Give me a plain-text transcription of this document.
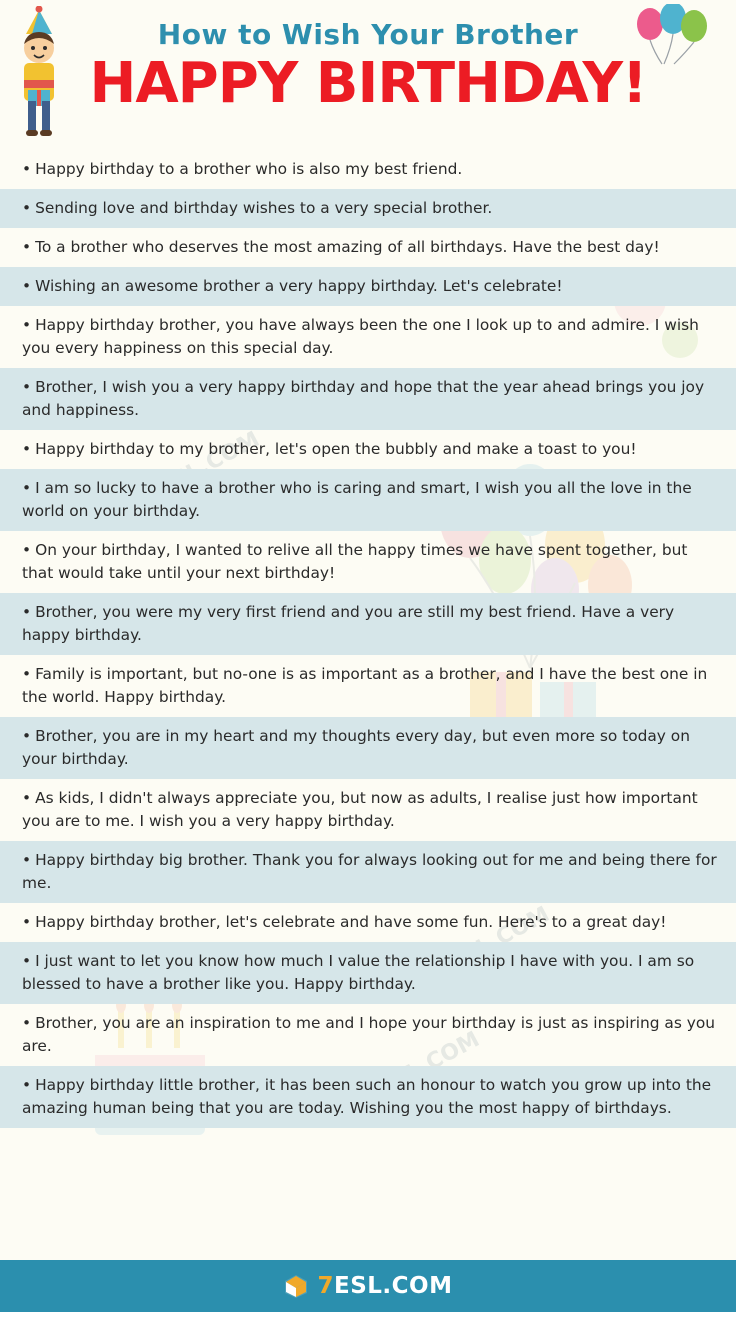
How to Wish Your Brother
HAPPY BIRTHDAY!
7ESL.COM
• Happy birthday to a brother who is also my best friend.
• Sending love and birthday wishes to a very special brother.
• To a brother who deserves the most amazing of all birthdays. Have the best day!
• Wishing an awesome brother a very happy birthday. Let's celebrate!
• Happy birthday brother, you have always been the one I look up to and admire. I wish you every happiness on this special day.
• Brother, I wish you a very happy birthday and hope that the year ahead brings you joy and happiness.
• Happy birthday to my brother, let's open the bubbly and make a toast to you!
• I am so lucky to have a brother who is caring and smart, I wish you all the love in the world on your birthday.
• On your birthday, I wanted to relive all the happy times we have spent together, but that would take until your next birthday!
• Brother, you were my very first friend and you are still my best friend. Have a very happy birthday.
• Family is important, but no-one is as important as a brother, and I have the best one in the world. Happy birthday.
• Brother, you are in my heart and my thoughts every day, but even more so today on your birthday.
• As kids, I didn't always appreciate you, but now as adults, I realise just how important you are to me. I wish you a very happy birthday.
• Happy birthday big brother. Thank you for always looking out for me and being there for me.
• Happy birthday brother, let's celebrate and have some fun. Here's to a great day!
• I just want to let you know how much I value the relationship I have with you. I am so blessed to have a brother like you. Happy birthday.
• Brother, you are an inspiration to me and I hope your birthday is just as inspiring as you are.
• Happy birthday little brother, it has been such an honour to watch you grow up into the amazing human being that you are today. Wishing you the most happy of birthdays.
7ESL.COM
